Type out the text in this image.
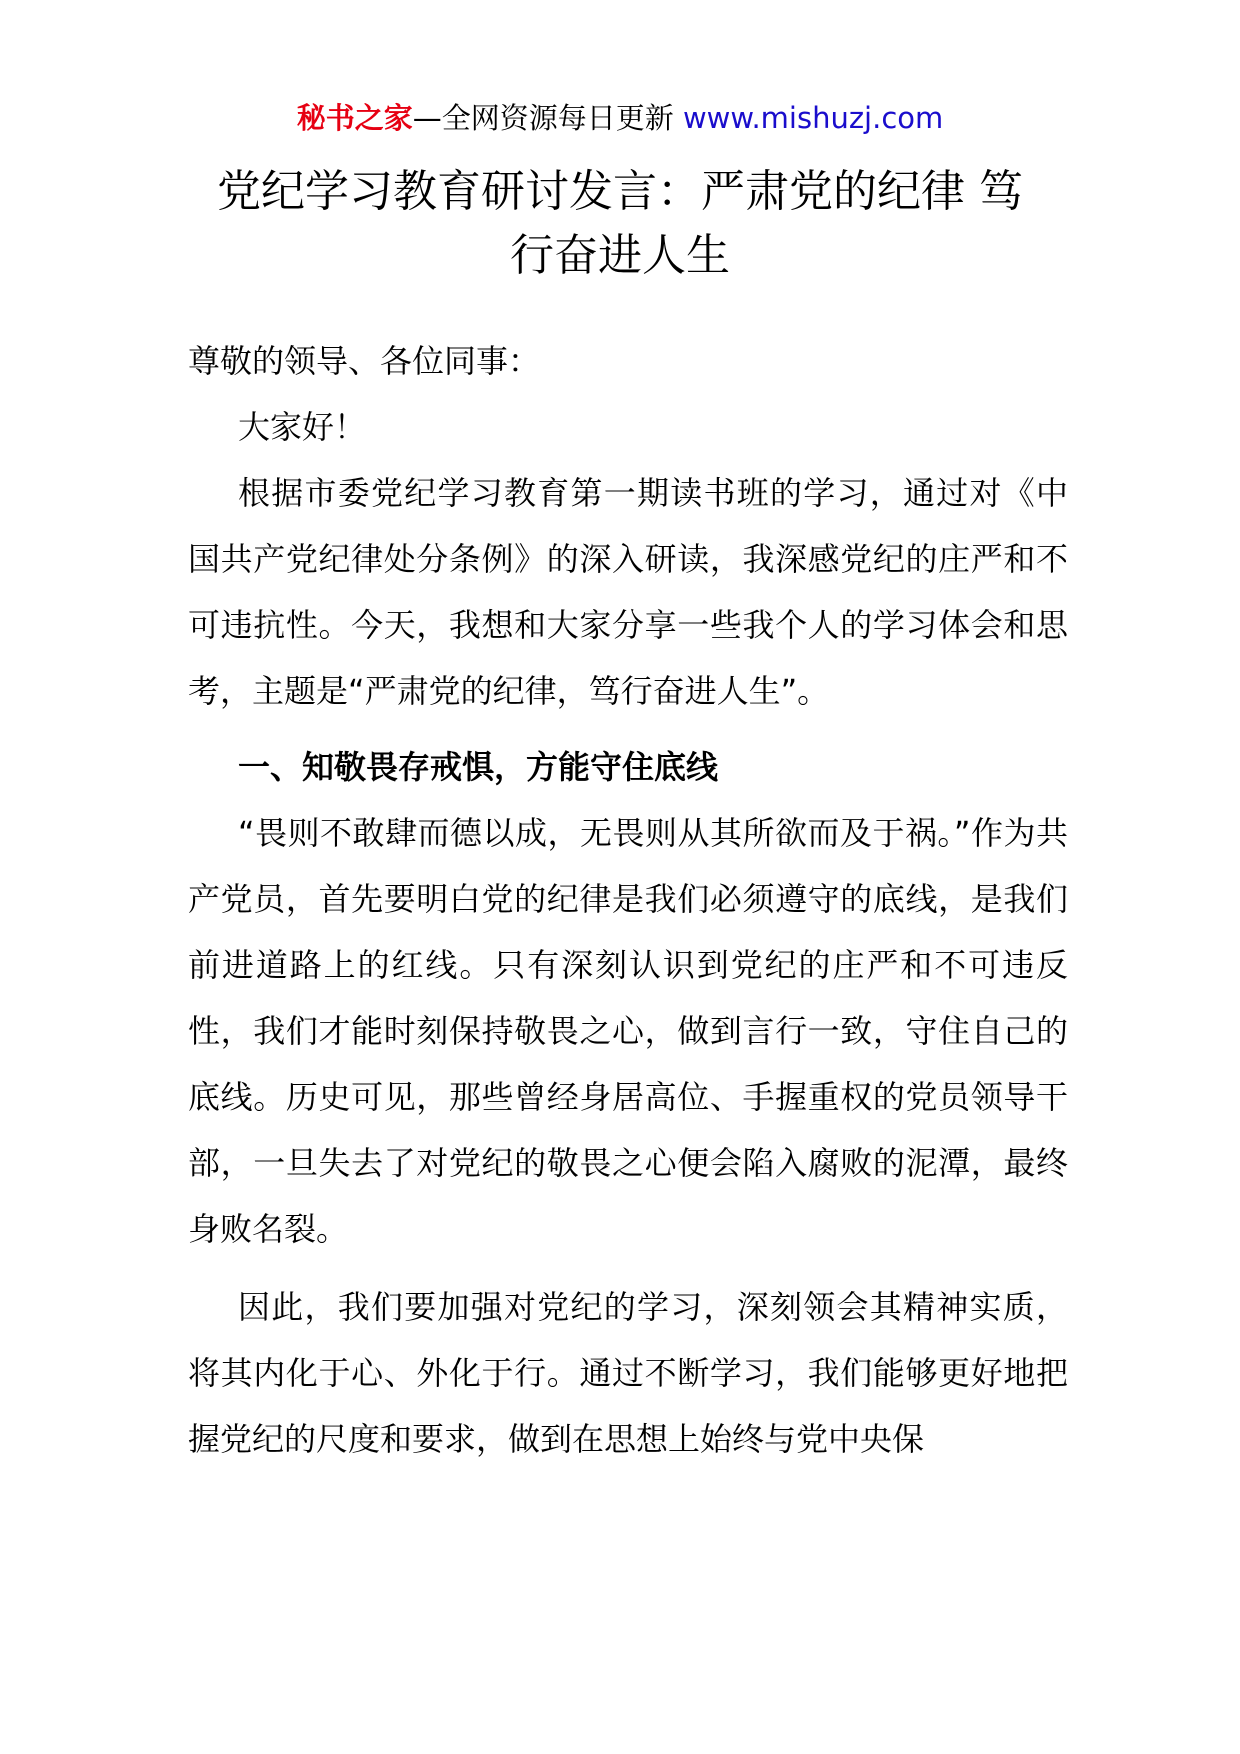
秘书之家—全网资源每日更新 www.mishuzj.com
党纪学习教育研讨发言：严肃党的纪律 笃
行奋进人生

尊敬的领导、各位同事：

大家好！

根据市委党纪学习教育第一期读书班的学习，通过对《中国共产党纪律处分条例》的深入研读，我深感党纪的庄严和不可违抗性。今天，我想和大家分享一些我个人的学习体会和思考，主题是“严肃党的纪律，笃行奋进人生”。

一、知敬畏存戒惧，方能守住底线

“畏则不敢肆而德以成，无畏则从其所欲而及于祸。”作为共产党员，首先要明白党的纪律是我们必须遵守的底线，是我们前进道路上的红线。只有深刻认识到党纪的庄严和不可违反性，我们才能时刻保持敬畏之心，做到言行一致，守住自己的底线。历史可见，那些曾经身居高位、手握重权的党员领导干部，一旦失去了对党纪的敬畏之心便会陷入腐败的泥潭，最终身败名裂。

因此，我们要加强对党纪的学习，深刻领会其精神实质，将其内化于心、外化于行。通过不断学习，我们能够更好地把握党纪的尺度和要求，做到在思想上始终与党中央保
